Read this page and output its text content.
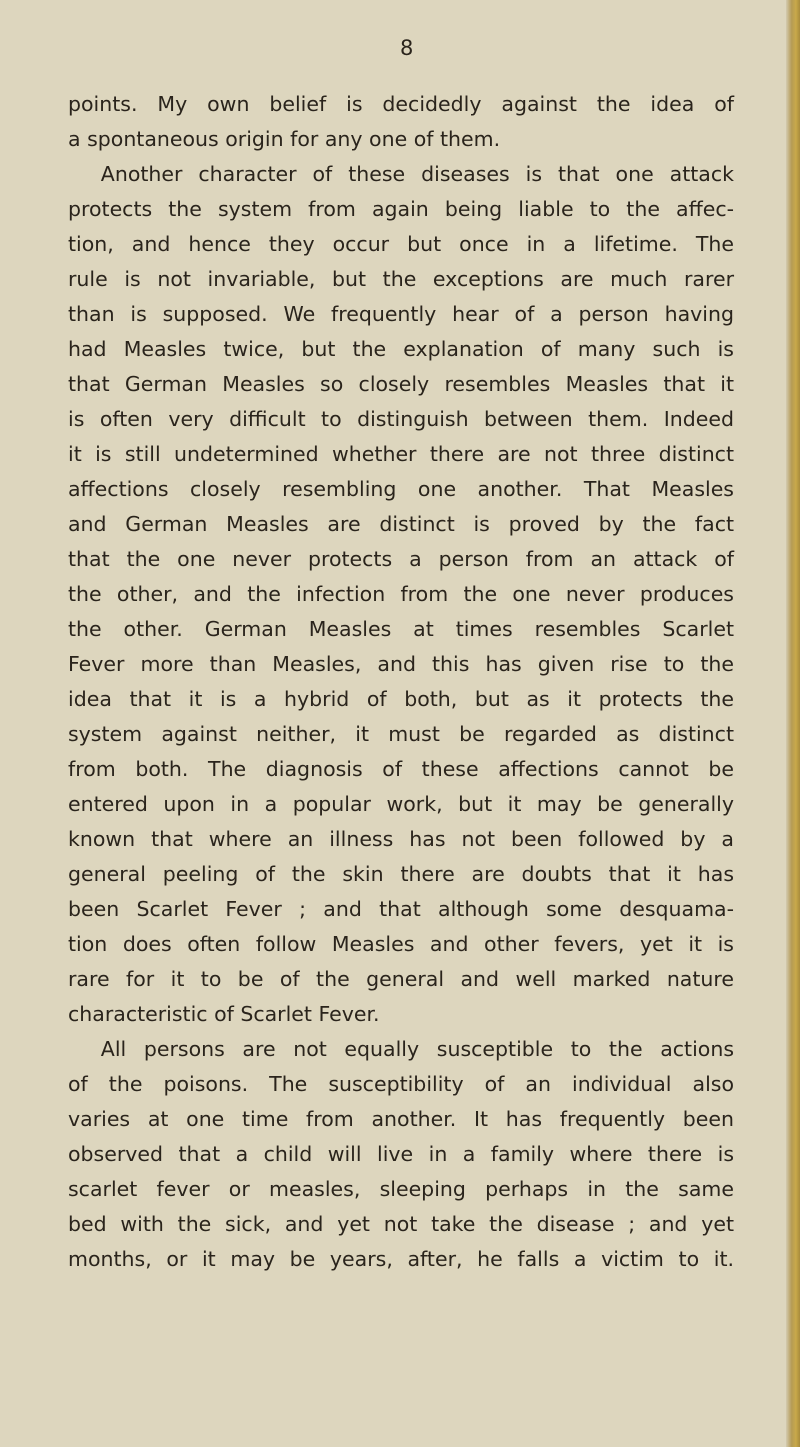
8
points. My own belief is decidedly against the idea of
a spontaneous origin for any one of them.
Another character of these diseases is that one attack
protects the system from again being liable to the affec-
tion, and hence they occur but once in a lifetime. The
rule is not invariable, but the exceptions are much rarer
than is supposed. We frequently hear of a person having
had Measles twice, but the explanation of many such is
that German Measles so closely resembles Measles that it
is often very difficult to distinguish between them. Indeed
it is still undetermined whether there are not three distinct
affections closely resembling one another. That Measles
and German Measles are distinct is proved by the fact
that the one never protects a person from an attack of
the other, and the infection from the one never produces
the other. German Measles at times resembles Scarlet
Fever more than Measles, and this has given rise to the
idea that it is a hybrid of both, but as it protects the
system against neither, it must be regarded as distinct
from both. The diagnosis of these affections cannot be
entered upon in a popular work, but it may be generally
known that where an illness has not been followed by a
general peeling of the skin there are doubts that it has
been Scarlet Fever ; and that although some desquama-
tion does often follow Measles and other fevers, yet it is
rare for it to be of the general and well marked nature
characteristic of Scarlet Fever.
All persons are not equally susceptible to the actions
of the poisons. The susceptibility of an individual also
varies at one time from another. It has frequently been
observed that a child will live in a family where there is
scarlet fever or measles, sleeping perhaps in the same
bed with the sick, and yet not take the disease ; and yet
months, or it may be years, after, he falls a victim to it.
